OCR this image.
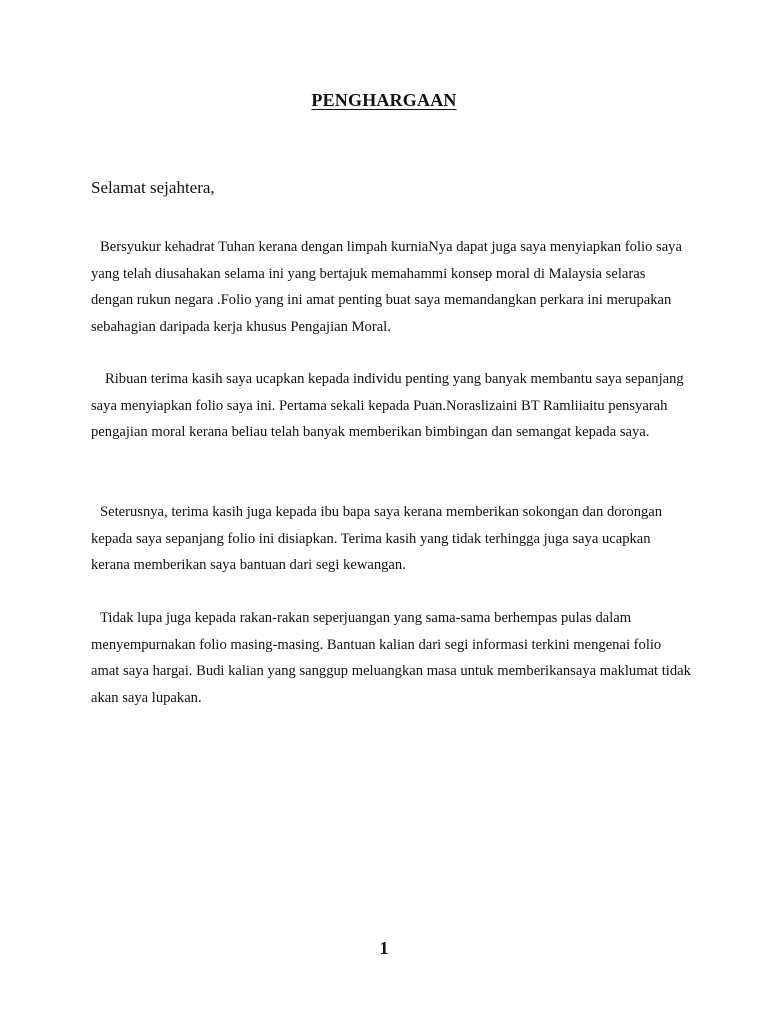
PENGHARGAAN
Selamat sejahtera,

Bersyukur kehadrat Tuhan kerana dengan limpah kurniaNya dapat juga saya menyiapkan folio saya yang telah diusahakan selama ini yang bertajuk memahammi konsep moral di Malaysia selaras dengan rukun negara .Folio yang ini amat penting buat saya memandangkan perkara ini merupakan sebahagian daripada kerja khusus Pengajian Moral.

Ribuan terima kasih saya ucapkan kepada individu penting yang banyak membantu saya sepanjang saya menyiapkan folio saya ini. Pertama sekali kepada Puan.Noraslizaini BT Ramliiaitu pensyarah pengajian moral kerana beliau telah banyak memberikan bimbingan dan semangat kepada saya.

Seterusnya, terima kasih juga kepada ibu bapa saya kerana memberikan sokongan dan dorongan kepada saya sepanjang folio ini disiapkan. Terima kasih yang tidak terhingga juga saya ucapkan kerana memberikan saya bantuan dari segi kewangan.

Tidak lupa juga kepada rakan-rakan seperjuangan yang sama-sama berhempas pulas dalam menyempurnakan folio masing-masing. Bantuan kalian dari segi informasi terkini mengenai folio amat saya hargai. Budi kalian yang sanggup meluangkan masa untuk memberikansaya maklumat tidak akan saya lupakan.

1
